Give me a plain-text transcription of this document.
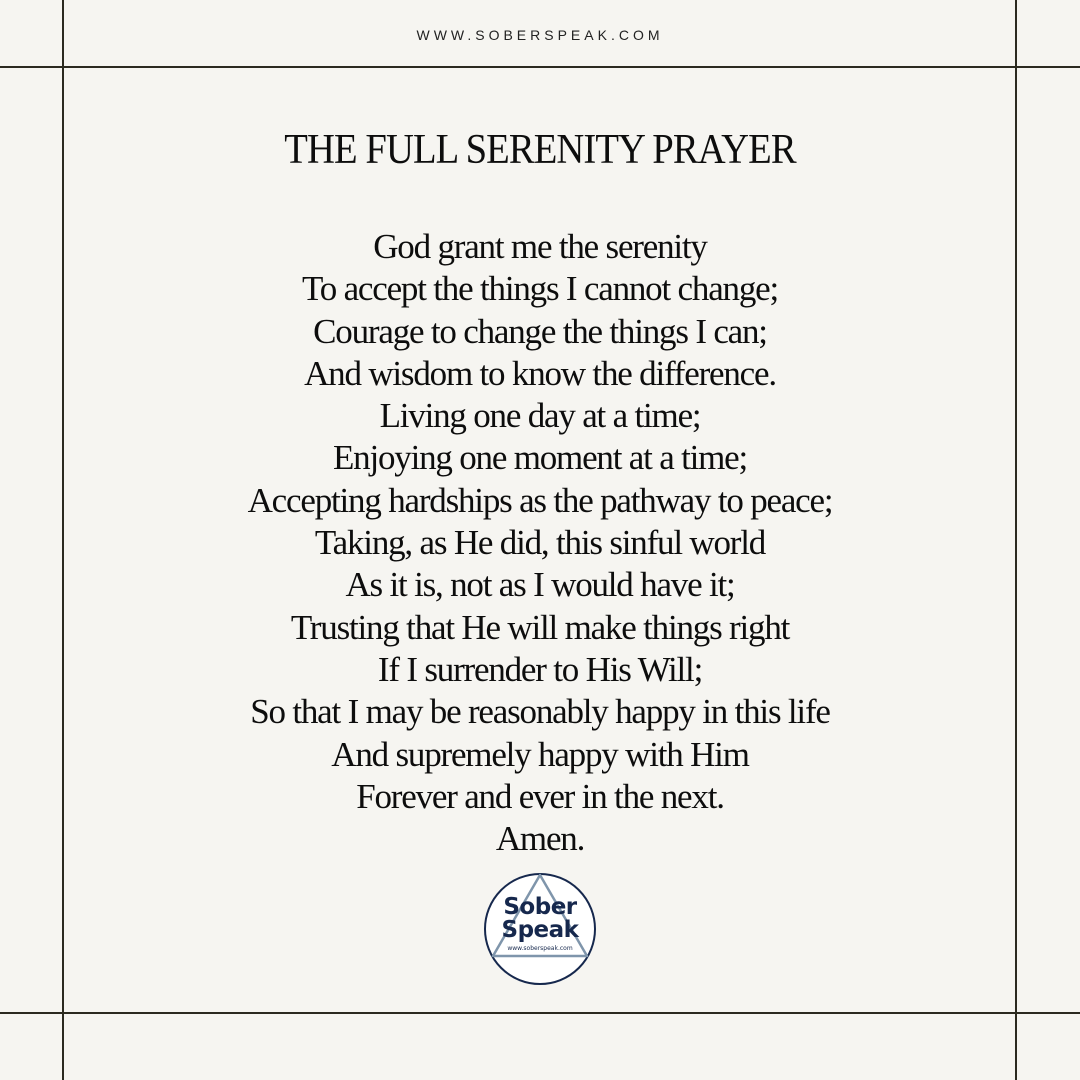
WWW.SOBERSPEAK.COM
THE FULL SERENITY PRAYER
God grant me the serenity
To accept the things I cannot change;
Courage to change the things I can;
And wisdom to know the difference.
Living one day at a time;
Enjoying one moment at a time;
Accepting hardships as the pathway to peace;
Taking, as He did, this sinful world
As it is, not as I would have it;
Trusting that He will make things right
If I surrender to His Will;
So that I may be reasonably happy in this life
And supremely happy with Him
Forever and ever in the next.
Amen.
Sober
Speak
www.soberspeak.com
